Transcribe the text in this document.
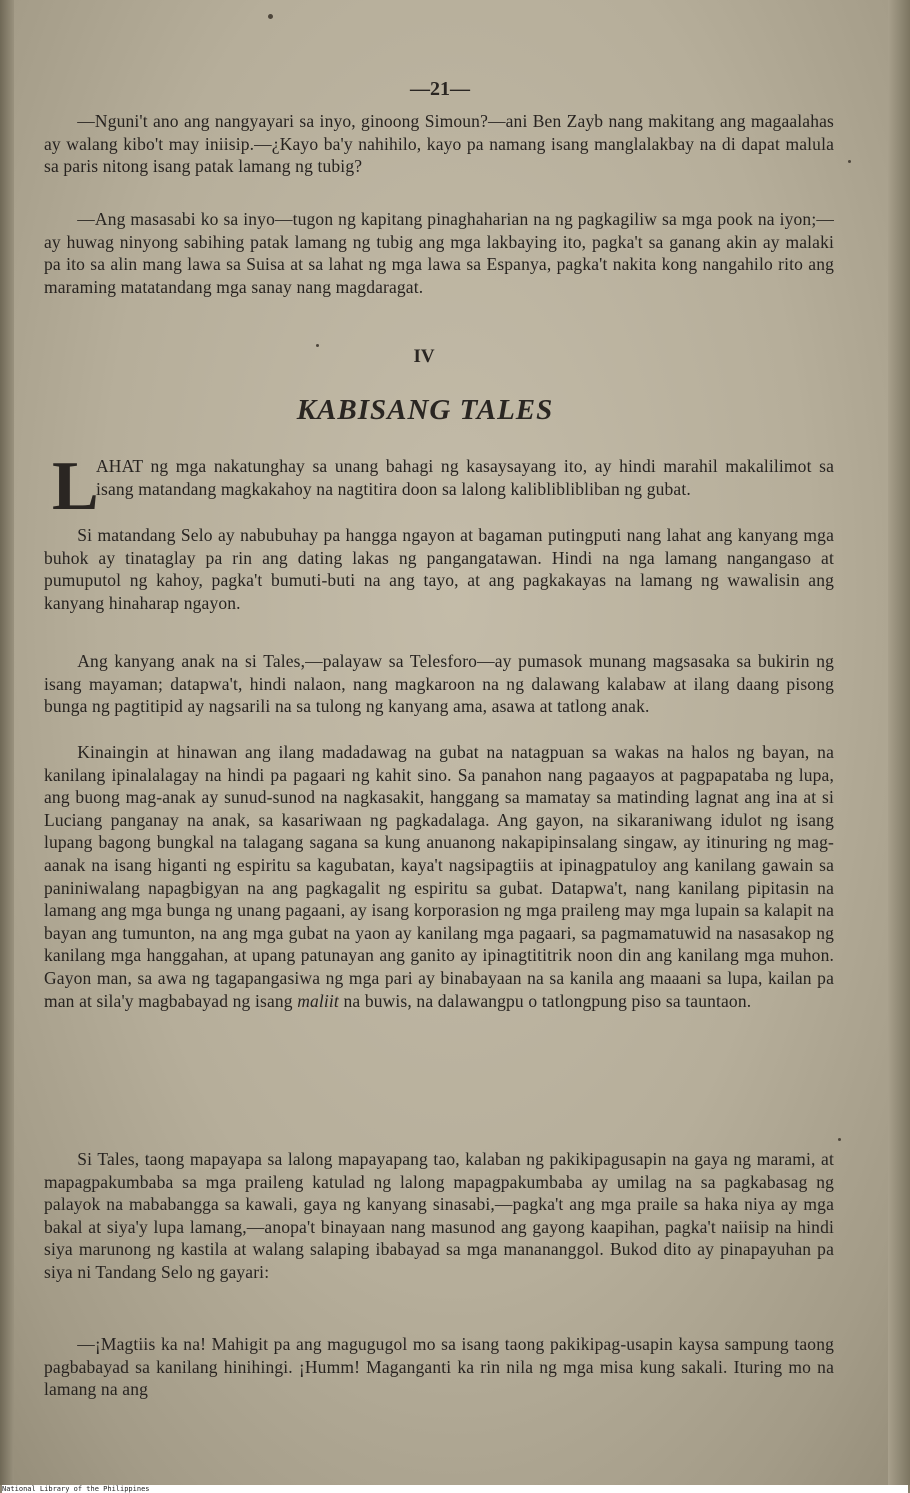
—21—

—Nguni't ano ang nangyayari sa inyo, ginoong Simoun?—ani Ben Zayb nang makitang ang magaalahas ay walang kibo't may iniisip.—¿Kayo ba'y nahihilo, kayo pa namang isang manglalakbay na di dapat malula sa paris nitong isang patak lamang ng tubig?

—Ang masasabi ko sa inyo—tugon ng kapitang pinaghaharian na ng pagkagiliw sa mga pook na iyon;—ay huwag ninyong sabihing patak lamang ng tubig ang mga lakbaying ito, pagka't sa ganang akin ay malaki pa ito sa alin mang lawa sa Suisa at sa lahat ng mga lawa sa Espanya, pagka't nakita kong nangahilo rito ang maraming matatandang mga sanay nang magdaragat.

IV
KABISANG TALES
L

AHAT ng mga nakatunghay sa unang bahagi ng kasaysayang ito, ay hindi marahil makalilimot sa isang matandang magkakahoy na nagtitira doon sa lalong kalibliblibliban ng gubat.

Si matandang Selo ay nabubuhay pa hangga ngayon at bagaman putingputi nang lahat ang kanyang mga buhok ay tinataglay pa rin ang dating lakas ng pangangatawan. Hindi na nga lamang nangangaso at pumuputol ng kahoy, pagka't bumuti-buti na ang tayo, at ang pagkakayas na lamang ng wawalisin ang kanyang hinaharap ngayon.

Ang kanyang anak na si Tales,—palayaw sa Telesforo—ay pumasok munang magsasaka sa bukirin ng isang mayaman; datapwa't, hindi nalaon, nang magkaroon na ng dalawang kalabaw at ilang daang pisong bunga ng pagtitipid ay nagsarili na sa tulong ng kanyang ama, asawa at tatlong anak.

Kinaingin at hinawan ang ilang madadawag na gubat na natagpuan sa wakas na halos ng bayan, na kanilang ipinalalagay na hindi pa pagaari ng kahit sino. Sa panahon nang pagaayos at pagpapataba ng lupa, ang buong mag-anak ay sunud-sunod na nagkasakit, hanggang sa mamatay sa matinding lagnat ang ina at si Luciang panganay na anak, sa kasariwaan ng pagkadalaga. Ang gayon, na sikaraniwang idulot ng isang lupang bagong bungkal na talagang sagana sa kung anuanong nakapipinsalang singaw, ay itinuring ng mag-aanak na isang higanti ng espiritu sa kagubatan, kaya't nagsipagtiis at ipinagpatuloy ang kanilang gawain sa paniniwalang napagbigyan na ang pagkagalit ng espiritu sa gubat. Datapwa't, nang kanilang pipitasin na lamang ang mga bunga ng unang pagaani, ay isang korporasion ng mga praileng may mga lupain sa kalapit na bayan ang tumunton, na ang mga gubat na yaon ay kanilang mga pagaari, sa pagmamatuwid na nasasakop ng kanilang mga hanggahan, at upang patunayan ang ganito ay ipinagtititrik noon din ang kanilang mga muhon. Gayon man, sa awa ng tagapangasiwa ng mga pari ay binabayaan na sa kanila ang maaani sa lupa, kailan pa man at sila'y magbabayad ng isang maliit na buwis, na dalawangpu o tatlongpung piso sa tauntaon.

Si Tales, taong mapayapa sa lalong mapayapang tao, kalaban ng pakikipagusapin na gaya ng marami, at mapagpakumbaba sa mga praileng katulad ng lalong mapagpakumbaba ay umilag na sa pagkabasag ng palayok na mababangga sa kawali, gaya ng kanyang sinasabi,—pagka't ang mga praile sa haka niya ay mga bakal at siya'y lupa lamang,—anopa't binayaan nang masunod ang gayong kaapihan, pagka't naiisip na hindi siya marunong ng kastila at walang salaping ibabayad sa mga manananggol. Bukod dito ay pinapayuhan pa siya ni Tandang Selo ng gayari:

—¡Magtiis ka na! Mahigit pa ang magugugol mo sa isang taong pakikipag-usapin kaysa sampung taong pagbabayad sa kanilang hinihingi. ¡Humm! Maganganti ka rin nila ng mga misa kung sakali. Ituring mo na lamang na ang

National Library of the Philippines
